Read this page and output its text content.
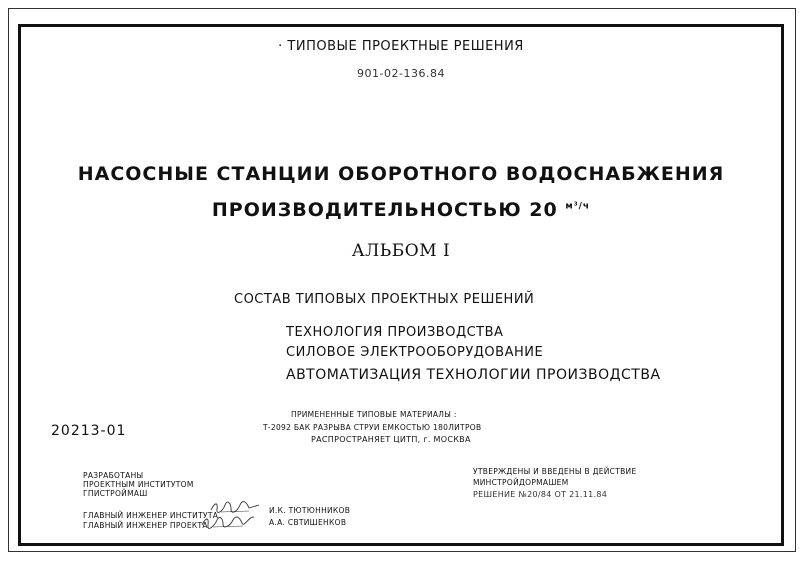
· ТИПОВЫЕ ПРОЕКТНЫЕ РЕШЕНИЯ
901-02-136.84
НАСОСНЫЕ СТАНЦИИ ОБОРОТНОГО ВОДОСНАБЖЕНИЯ
ПРОИЗВОДИТЕЛЬНОСТЬЮ 20 $^{м^3/ч}$
АЛЬБОМ I
СОСТАВ ТИПОВЫХ ПРОЕКТНЫХ РЕШЕНИЙ
ТЕХНОЛОГИЯ ПРОИЗВОДСТВА
СИЛОВОЕ ЭЛЕКТРООБОРУДОВАНИЕ
АВТОМАТИЗАЦИЯ ТЕХНОЛОГИИ ПРОИЗВОДСТВА
20213-01
ПРИМЕНЕННЫЕ ТИПОВЫЕ МАТЕРИАЛЫ :
Т-2092 БАК РАЗРЫВА СТРУИ ЕМКОСТЬЮ 180ЛИТРОВ
РАСПРОСТРАНЯЕТ ЦИТП, г. МОСКВА
РАЗРАБОТАНЫ
ПРОЕКТНЫМ ИНСТИТУТОМ
ГПИСТРОЙМАШ
УТВЕРЖДЕНЫ И ВВЕДЕНЫ В ДЕЙСТВИЕ
МИНСТРОЙДОРМАШЕМ
РЕШЕНИЕ №20/84 ОТ 21.11.84
ГЛАВНЫЙ ИНЖЕНЕР ИНСТИТУТА
ГЛАВНЫЙ ИНЖЕНЕР ПРОЕКТА
И.К. ТЮТЮННИКОВ
А.А. СВТИШЕНКОВ
